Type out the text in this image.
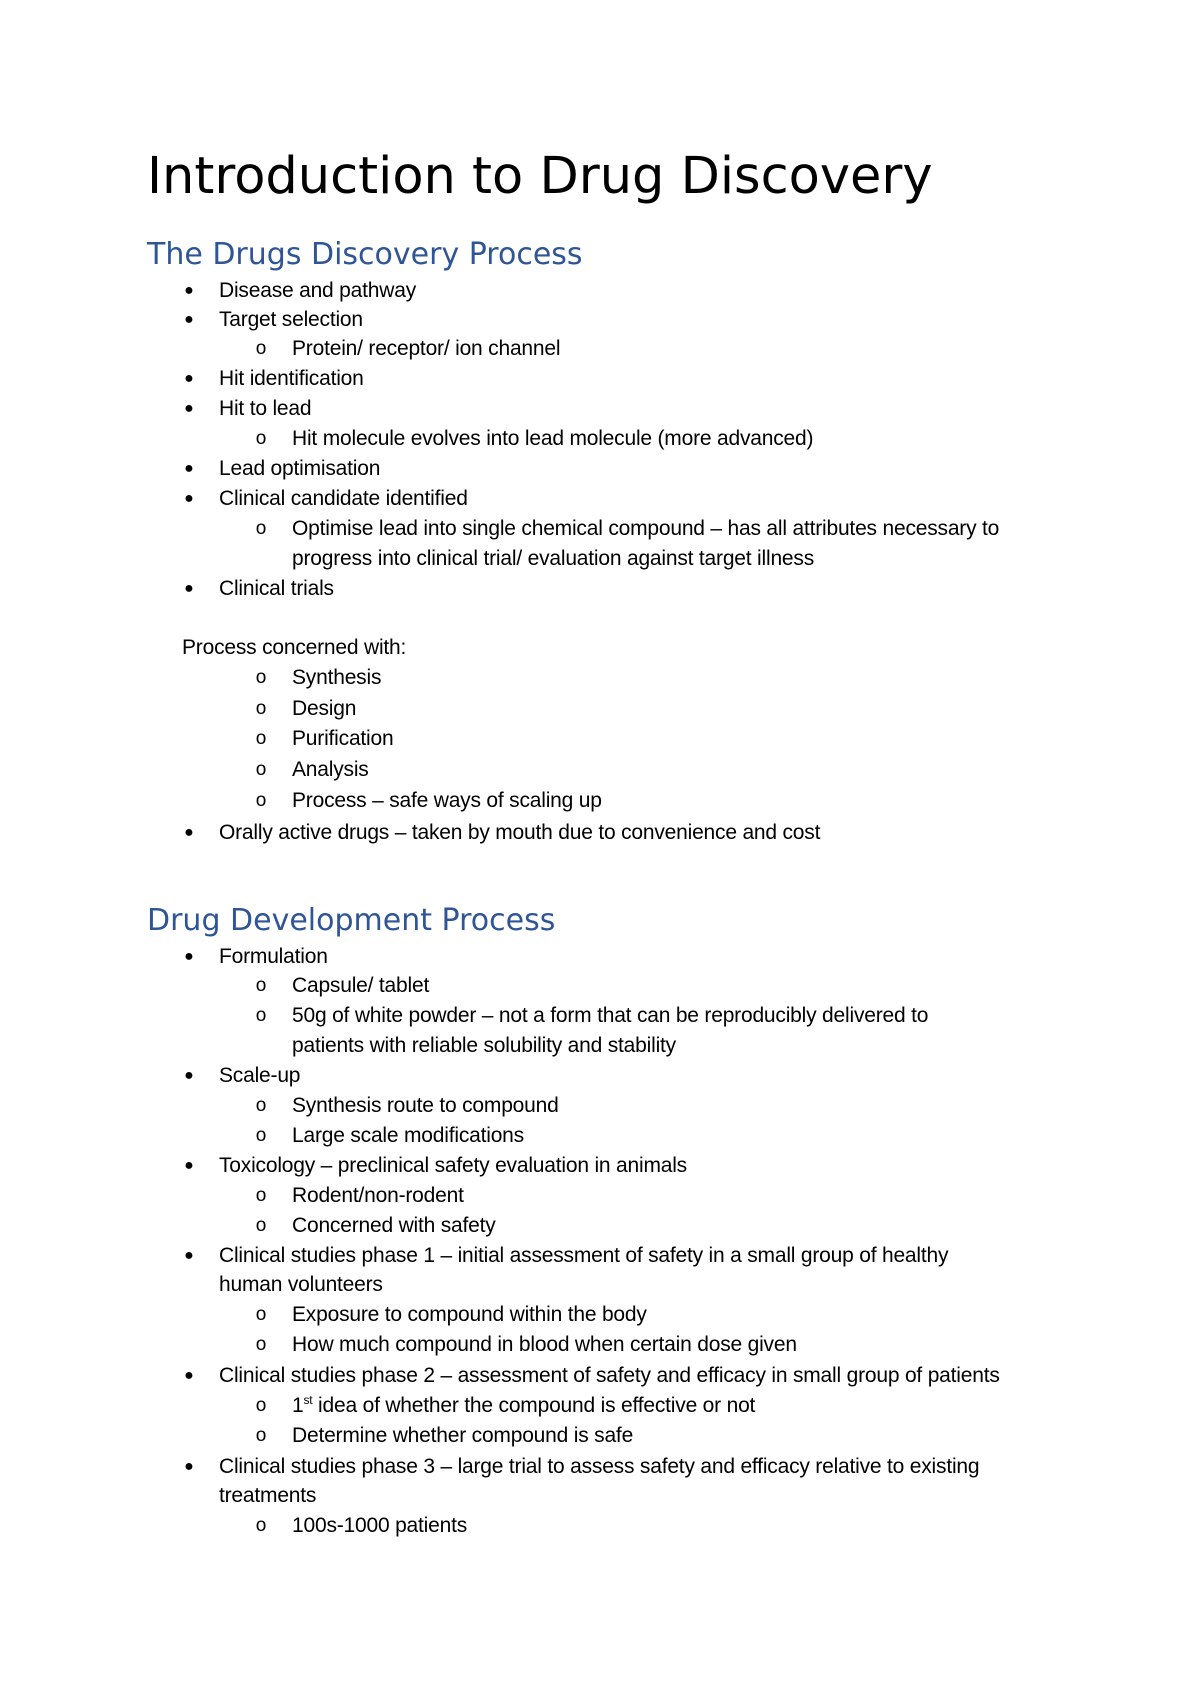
Introduction to Drug Discovery
The Drugs Discovery Process
● Disease and pathway
● Target selection
o Protein/ receptor/ ion channel
● Hit identification
● Hit to lead
o Hit molecule evolves into lead molecule (more advanced)
● Lead optimisation
● Clinical candidate identified
o Optimise lead into single chemical compound – has all attributes necessary to
progress into clinical trial/ evaluation against target illness
● Clinical trials
Process concerned with:
o Synthesis
o Design
o Purification
o Analysis
o Process – safe ways of scaling up
● Orally active drugs – taken by mouth due to convenience and cost
Drug Development Process
● Formulation
o Capsule/ tablet
o 50g of white powder – not a form that can be reproducibly delivered to
patients with reliable solubility and stability
● Scale-up
o Synthesis route to compound
o Large scale modifications
● Toxicology – preclinical safety evaluation in animals
o Rodent/non-rodent
o Concerned with safety
● Clinical studies phase 1 – initial assessment of safety in a small group of healthy
human volunteers
o Exposure to compound within the body
o How much compound in blood when certain dose given
● Clinical studies phase 2 – assessment of safety and efficacy in small group of patients
o 1st idea of whether the compound is effective or not
o Determine whether compound is safe
● Clinical studies phase 3 – large trial to assess safety and efficacy relative to existing
treatments
o 100s-1000 patients
